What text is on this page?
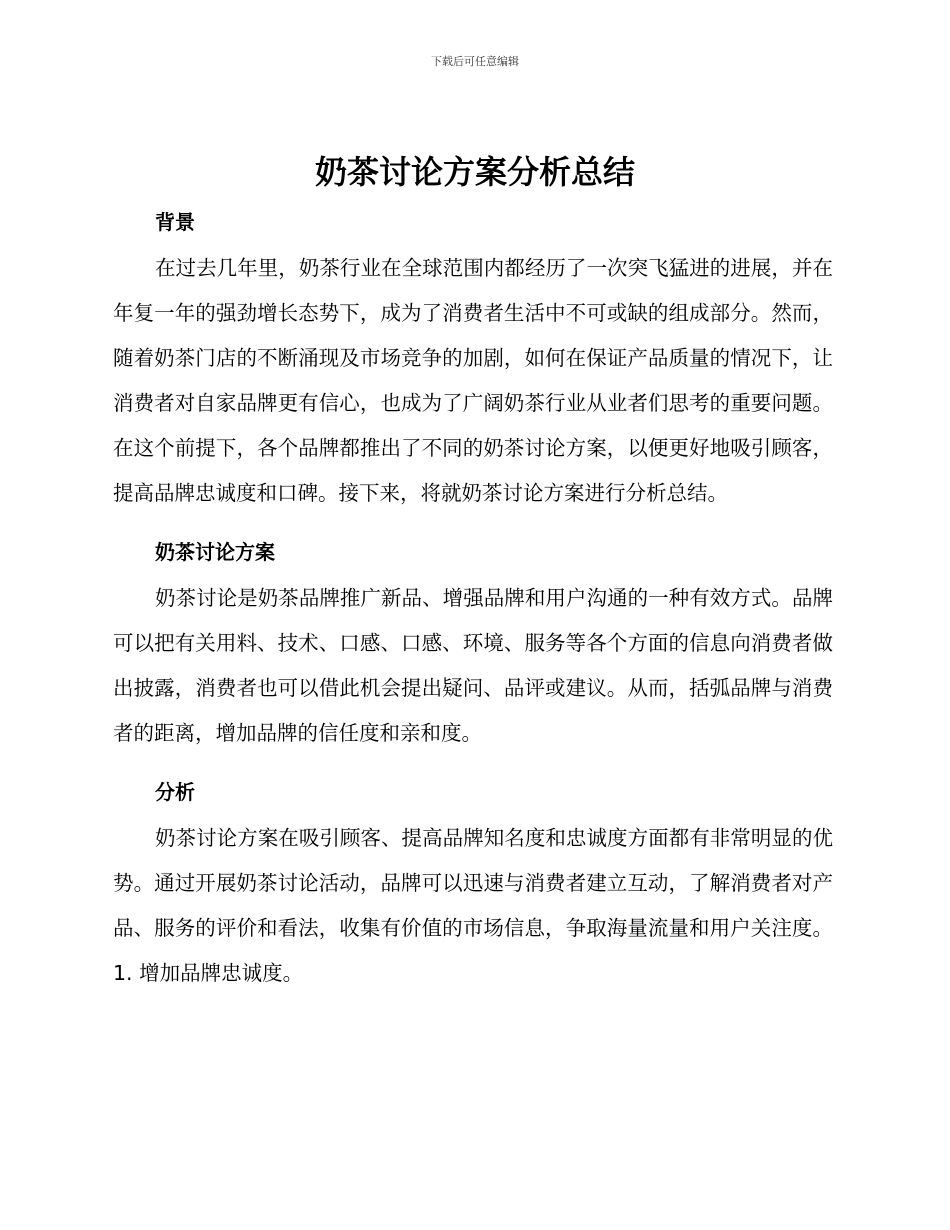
下载后可任意编辑
奶茶讨论方案分析总结
背景

在过去几年里，奶茶行业在全球范围内都经历了一次突飞猛进的进展，并在年复一年的强劲增长态势下，成为了消费者生活中不可或缺的组成部分。然而，随着奶茶门店的不断涌现及市场竞争的加剧，如何在保证产品质量的情况下，让消费者对自家品牌更有信心，也成为了广阔奶茶行业从业者们思考的重要问题。在这个前提下，各个品牌都推出了不同的奶茶讨论方案，以便更好地吸引顾客，提高品牌忠诚度和口碑。接下来，将就奶茶讨论方案进行分析总结。

奶茶讨论方案

奶茶讨论是奶茶品牌推广新品、增强品牌和用户沟通的一种有效方式。品牌可以把有关用料、技术、口感、口感、环境、服务等各个方面的信息向消费者做出披露，消费者也可以借此机会提出疑问、品评或建议。从而，括弧品牌与消费者的距离，增加品牌的信任度和亲和度。

分析

奶茶讨论方案在吸引顾客、提高品牌知名度和忠诚度方面都有非常明显的优势。通过开展奶茶讨论活动，品牌可以迅速与消费者建立互动，了解消费者对产品、服务的评价和看法，收集有价值的市场信息，争取海量流量和用户关注度。1. 增加品牌忠诚度。
